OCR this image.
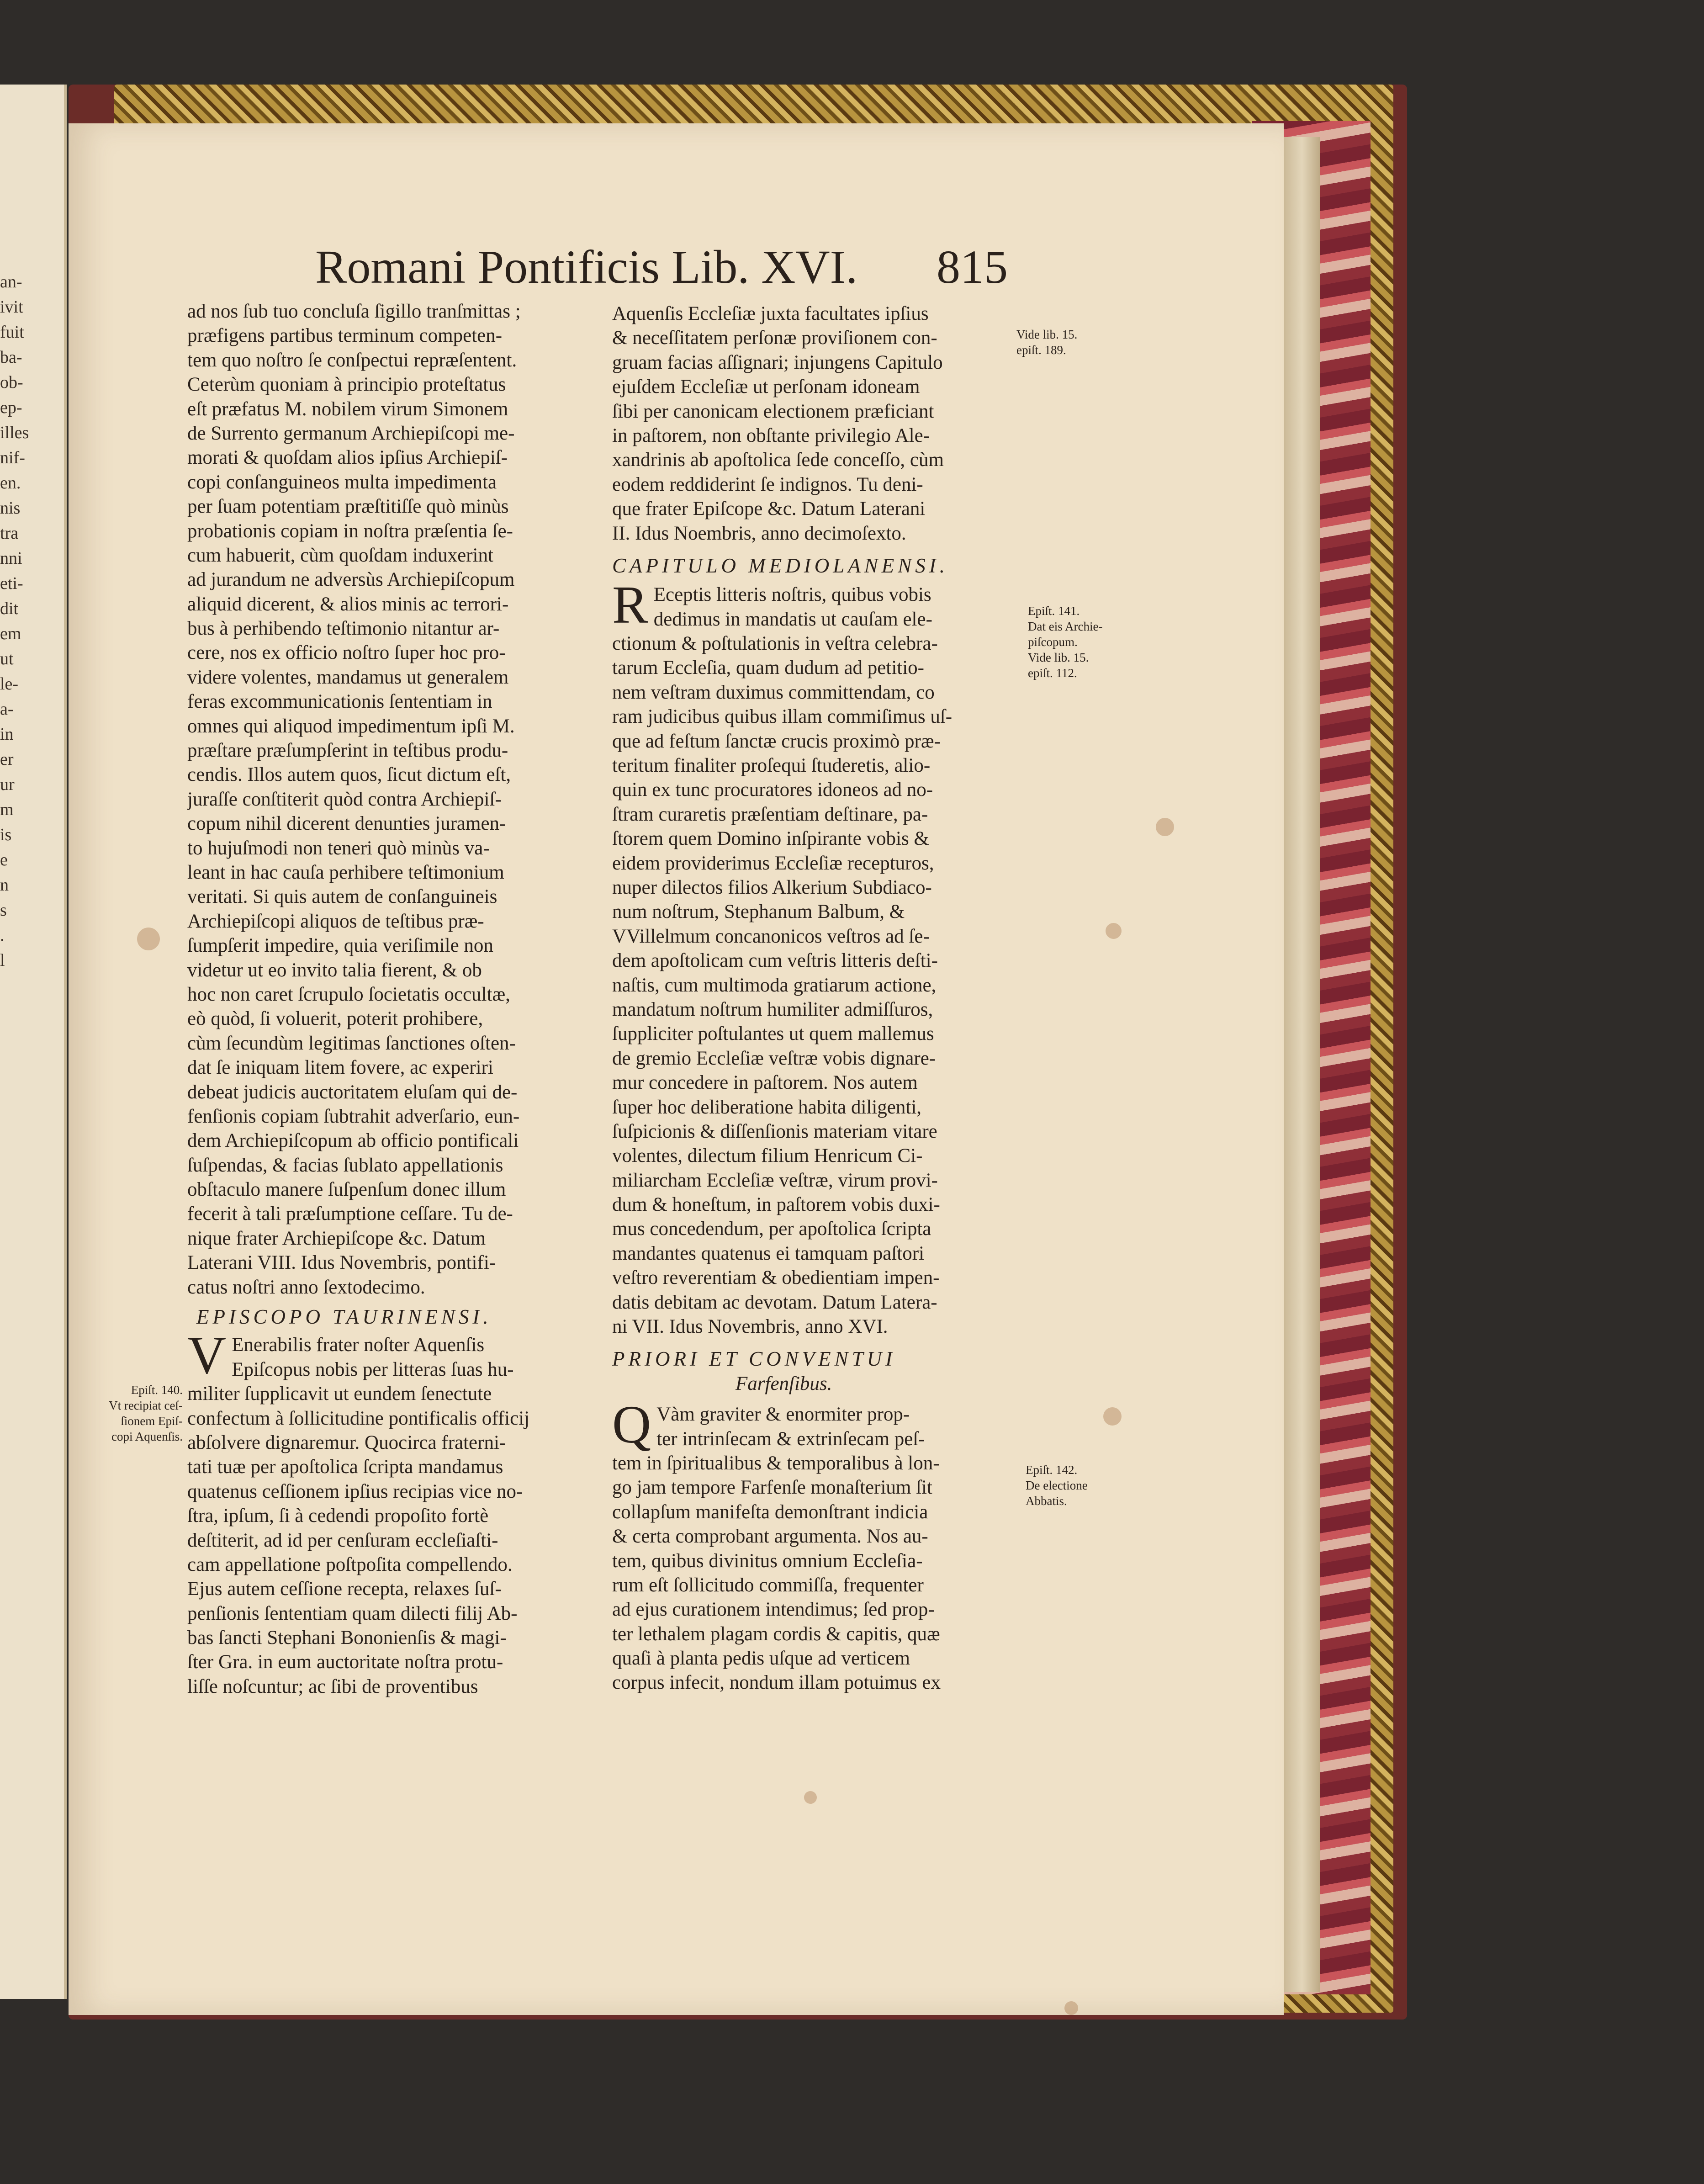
an-
ivit
fuit
ba-
ob-
ep-
illes
nif-
en.
nis
tra
nni
eti-
dit
em
ut
le-
a-
in
er
ur
m
is
e
n
s
.
l
Romani Pontificis Lib. XVI. 815
ad nos ſub tuo concluſa ſigillo tranſmittas ;
præfigens partibus terminum competen-
tem quo noſtro ſe conſpectui repræſentent.
Ceterùm quoniam à principio proteſtatus
eſt præfatus M. nobilem virum Simonem
de Surrento germanum Archiepiſcopi me-
morati & quoſdam alios ipſius Archiepiſ-
copi conſanguineos multa impedimenta
per ſuam potentiam præſtitiſſe quò minùs
probationis copiam in noſtra præſentia ſe-
cum habuerit, cùm quoſdam induxerint
ad jurandum ne adversùs Archiepiſcopum
aliquid dicerent, & alios minis ac terrori-
bus à perhibendo teſtimonio nitantur ar-
cere, nos ex officio noſtro ſuper hoc pro-
videre volentes, mandamus ut generalem
feras excommunicationis ſententiam in
omnes qui aliquod impedimentum ipſi M.
præſtare præſumpſerint in teſtibus produ-
cendis. Illos autem quos, ſicut dictum eſt,
juraſſe conſtiterit quòd contra Archiepiſ-
copum nihil dicerent denunties juramen-
to hujuſmodi non teneri quò minùs va-
leant in hac cauſa perhibere teſtimonium
veritati. Si quis autem de conſanguineis
Archiepiſcopi aliquos de teſtibus præ-
ſumpſerit impedire, quia veriſimile non
videtur ut eo invito talia fierent, & ob
hoc non caret ſcrupulo ſocietatis occultæ,
eò quòd, ſi voluerit, poterit prohibere,
cùm ſecundùm legitimas ſanctiones oſten-
dat ſe iniquam litem fovere, ac experiri
debeat judicis auctoritatem eluſam qui de-
fenſionis copiam ſubtrahit adverſario, eun-
dem Archiepiſcopum ab officio pontificali
ſuſpendas, & facias ſublato appellationis
obſtaculo manere ſuſpenſum donec illum
fecerit à tali præſumptione ceſſare. Tu de-
nique frater Archiepiſcope &c. Datum
Laterani VIII. Idus Novembris, pontifi-
catus noſtri anno ſextodecimo.
EPISCOPO TAURINENSI.
V Enerabilis frater noſter Aquenſis
Epiſcopus nobis per litteras ſuas hu-
militer ſupplicavit ut eundem ſenectute
confectum à ſollicitudine pontificalis officij
abſolvere dignaremur. Quocirca fraterni-
tati tuæ per apoſtolica ſcripta mandamus
quatenus ceſſionem ipſius recipias vice no-
ſtra, ipſum, ſi à cedendi propoſito fortè
deſtiterit, ad id per cenſuram eccleſiaſti-
cam appellatione poſtpoſita compellendo.
Ejus autem ceſſione recepta, relaxes ſuſ-
penſionis ſententiam quam dilecti filij Ab-
bas ſancti Stephani Bononienſis & magi-
ſter Gra. in eum auctoritate noſtra protu-
liſſe noſcuntur; ac ſibi de proventibus
Aquenſis Eccleſiæ juxta facultates ipſius
& neceſſitatem perſonæ proviſionem con-
gruam facias aſſignari; injungens Capitulo
ejuſdem Eccleſiæ ut perſonam idoneam
ſibi per canonicam electionem præficiant
in paſtorem, non obſtante privilegio Ale-
xandrinis ab apoſtolica ſede conceſſo, cùm
eodem reddiderint ſe indignos. Tu deni-
que frater Epiſcope &c. Datum Laterani
II. Idus Noembris, anno decimoſexto.
CAPITULO MEDIOLANENSI.
R Eceptis litteris noſtris, quibus vobis
dedimus in mandatis ut cauſam ele-
ctionum & poſtulationis in veſtra celebra-
tarum Eccleſia, quam dudum ad petitio-
nem veſtram duximus committendam, co
ram judicibus quibus illam commiſimus uſ-
que ad feſtum ſanctæ crucis proximò præ-
teritum finaliter proſequi ſtuderetis, alio-
quin ex tunc procuratores idoneos ad no-
ſtram curaretis præſentiam deſtinare, pa-
ſtorem quem Domino inſpirante vobis &
eidem providerimus Eccleſiæ recepturos,
nuper dilectos filios Alkerium Subdiaco-
num noſtrum, Stephanum Balbum, &
VVillelmum concanonicos veſtros ad ſe-
dem apoſtolicam cum veſtris litteris deſti-
naſtis, cum multimoda gratiarum actione,
mandatum noſtrum humiliter admiſſuros,
ſuppliciter poſtulantes ut quem mallemus
de gremio Eccleſiæ veſtræ vobis dignare-
mur concedere in paſtorem. Nos autem
ſuper hoc deliberatione habita diligenti,
ſuſpicionis & diſſenſionis materiam vitare
volentes, dilectum filium Henricum Ci-
miliarcham Eccleſiæ veſtræ, virum provi-
dum & honeſtum, in paſtorem vobis duxi-
mus concedendum, per apoſtolica ſcripta
mandantes quatenus ei tamquam paſtori
veſtro reverentiam & obedientiam impen-
datis debitam ac devotam. Datum Latera-
ni VII. Idus Novembris, anno XVI.
PRIORI ET CONVENTUI
Farfenſibus.
Q Vàm graviter & enormiter prop-
ter intrinſecam & extrinſecam peſ-
tem in ſpiritualibus & temporalibus à lon-
go jam tempore Farfenſe monaſterium ſit
collapſum manifeſta demonſtrant indicia
& certa comprobant argumenta. Nos au-
tem, quibus divinitus omnium Eccleſia-
rum eſt ſollicitudo commiſſa, frequenter
ad ejus curationem intendimus; ſed prop-
ter lethalem plagam cordis & capitis, quæ
quaſi à planta pedis uſque ad verticem
corpus infecit, nondum illam potuimus ex
Vide lib. 15.
epiſt. 189.
Epiſt. 141.
Dat eis Archie-
piſcopum.
Vide lib. 15.
epiſt. 112.
Epiſt. 140.
Vt recipiat ceſ-
ſionem Epiſ-
copi Aquenſis.
Epiſt. 142.
De electione
Abbatis.
